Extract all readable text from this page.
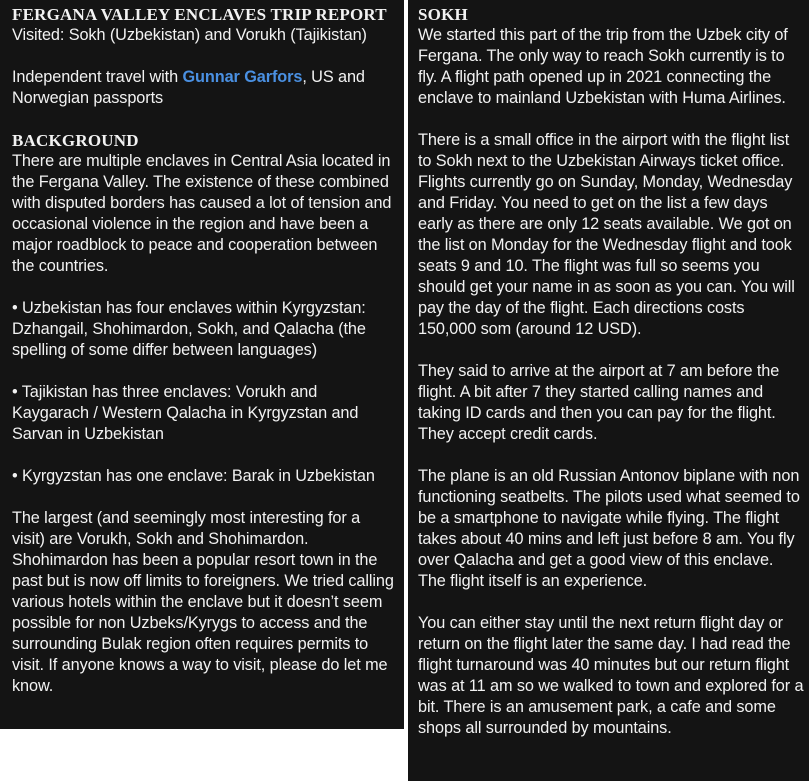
FERGANA VALLEY ENCLAVES TRIP REPORT

Visited: Sokh (Uzbekistan) and Vorukh (Tajikistan)

Independent travel with Gunnar Garfors, US and Norwegian passports

BACKGROUND

There are multiple enclaves in Central Asia located in the Fergana Valley. The existence of these combined with disputed borders has caused a lot of tension and occasional violence in the region and have been a major roadblock to peace and cooperation between the countries.

• Uzbekistan has four enclaves within Kyrgyzstan: Dzhangail, Shohimardon, Sokh, and Qalacha (the spelling of some differ between languages)

• Tajikistan has three enclaves: Vorukh and Kaygarach / Western Qalacha in Kyrgyzstan and Sarvan in Uzbekistan

• Kyrgyzstan has one enclave: Barak in Uzbekistan

The largest (and seemingly most interesting for a visit) are Vorukh, Sokh and Shohimardon. Shohimardon has been a popular resort town in the past but is now off limits to foreigners. We tried calling various hotels within the enclave but it doesn’t seem possible for non Uzbeks/Kyrygs to access and the surrounding Bulak region often requires permits to visit. If anyone knows a way to visit, please do let me know.

SOKH

We started this part of the trip from the Uzbek city of Fergana. The only way to reach Sokh currently is to fly. A flight path opened up in 2021 connecting the enclave to mainland Uzbekistan with Huma Airlines.

There is a small office in the airport with the flight list to Sokh next to the Uzbekistan Airways ticket office. Flights currently go on Sunday, Monday, Wednesday and Friday. You need to get on the list a few days early as there are only 12 seats available. We got on the list on Monday for the Wednesday flight and took seats 9 and 10. The flight was full so seems you should get your name in as soon as you can. You will pay the day of the flight. Each directions costs 150,000 som (around 12 USD).

They said to arrive at the airport at 7 am before the flight. A bit after 7 they started calling names and taking ID cards and then you can pay for the flight. They accept credit cards.

The plane is an old Russian Antonov biplane with non functioning seatbelts. The pilots used what seemed to be a smartphone to navigate while flying. The flight takes about 40 mins and left just before 8 am. You fly over Qalacha and get a good view of this enclave. The flight itself is an experience.

You can either stay until the next return flight day or return on the flight later the same day. I had read the flight turnaround was 40 minutes but our return flight was at 11 am so we walked to town and explored for a bit. There is an amusement park, a cafe and some shops all surrounded by mountains.
